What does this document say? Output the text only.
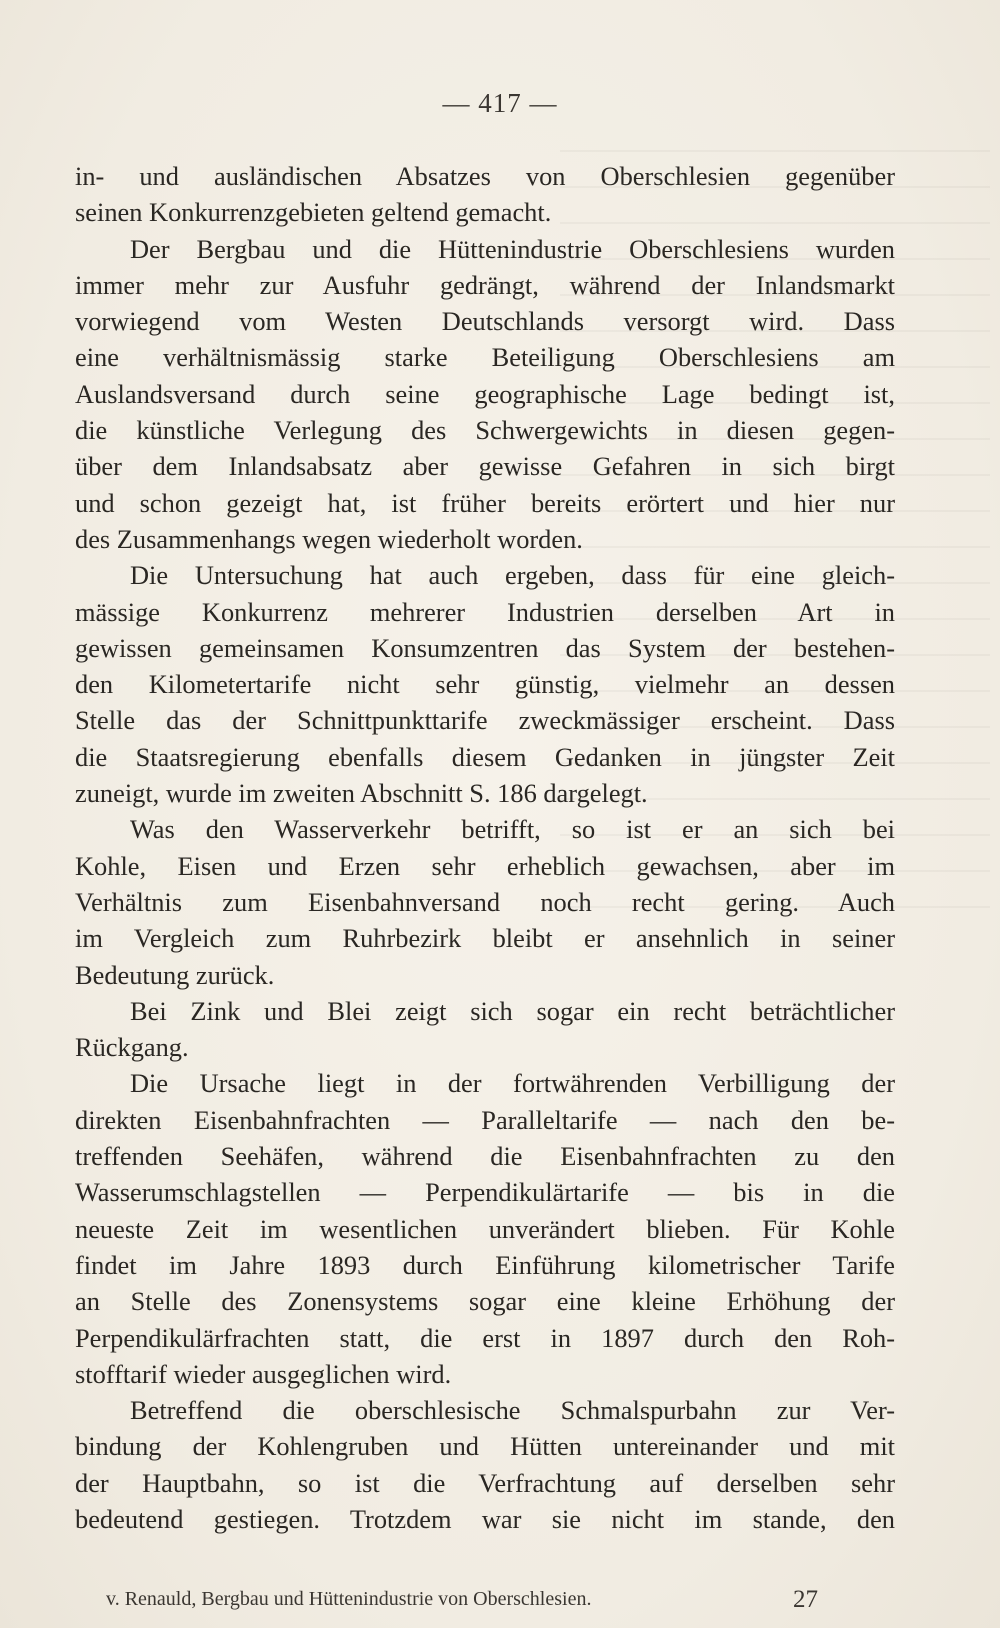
— 417 —
in- und ausländischen Absatzes von Oberschlesien gegenüber
seinen Konkurrenzgebieten geltend gemacht.
Der Bergbau und die Hüttenindustrie Oberschlesiens wurden
immer mehr zur Ausfuhr gedrängt, während der Inlandsmarkt
vorwiegend vom Westen Deutschlands versorgt wird. Dass
eine verhältnismässig starke Beteiligung Oberschlesiens am
Auslandsversand durch seine geographische Lage bedingt ist,
die künstliche Verlegung des Schwergewichts in diesen gegen-
über dem Inlandsabsatz aber gewisse Gefahren in sich birgt
und schon gezeigt hat, ist früher bereits erörtert und hier nur
des Zusammenhangs wegen wiederholt worden.
Die Untersuchung hat auch ergeben, dass für eine gleich-
mässige Konkurrenz mehrerer Industrien derselben Art in
gewissen gemeinsamen Konsumzentren das System der bestehen-
den Kilometertarife nicht sehr günstig, vielmehr an dessen
Stelle das der Schnittpunkttarife zweckmässiger erscheint. Dass
die Staatsregierung ebenfalls diesem Gedanken in jüngster Zeit
zuneigt, wurde im zweiten Abschnitt S. 186 dargelegt.
Was den Wasserverkehr betrifft, so ist er an sich bei
Kohle, Eisen und Erzen sehr erheblich gewachsen, aber im
Verhältnis zum Eisenbahnversand noch recht gering. Auch
im Vergleich zum Ruhrbezirk bleibt er ansehnlich in seiner
Bedeutung zurück.
Bei Zink und Blei zeigt sich sogar ein recht beträchtlicher
Rückgang.
Die Ursache liegt in der fortwährenden Verbilligung der
direkten Eisenbahnfrachten — Paralleltarife — nach den be-
treffenden Seehäfen, während die Eisenbahnfrachten zu den
Wasserumschlagstellen — Perpendikulärtarife — bis in die
neueste Zeit im wesentlichen unverändert blieben. Für Kohle
findet im Jahre 1893 durch Einführung kilometrischer Tarife
an Stelle des Zonensystems sogar eine kleine Erhöhung der
Perpendikulärfrachten statt, die erst in 1897 durch den Roh-
stofftarif wieder ausgeglichen wird.
Betreffend die oberschlesische Schmalspurbahn zur Ver-
bindung der Kohlengruben und Hütten untereinander und mit
der Hauptbahn, so ist die Verfrachtung auf derselben sehr
bedeutend gestiegen. Trotzdem war sie nicht im stande, den
v. Renauld, Bergbau und Hüttenindustrie von Oberschlesien.	27
